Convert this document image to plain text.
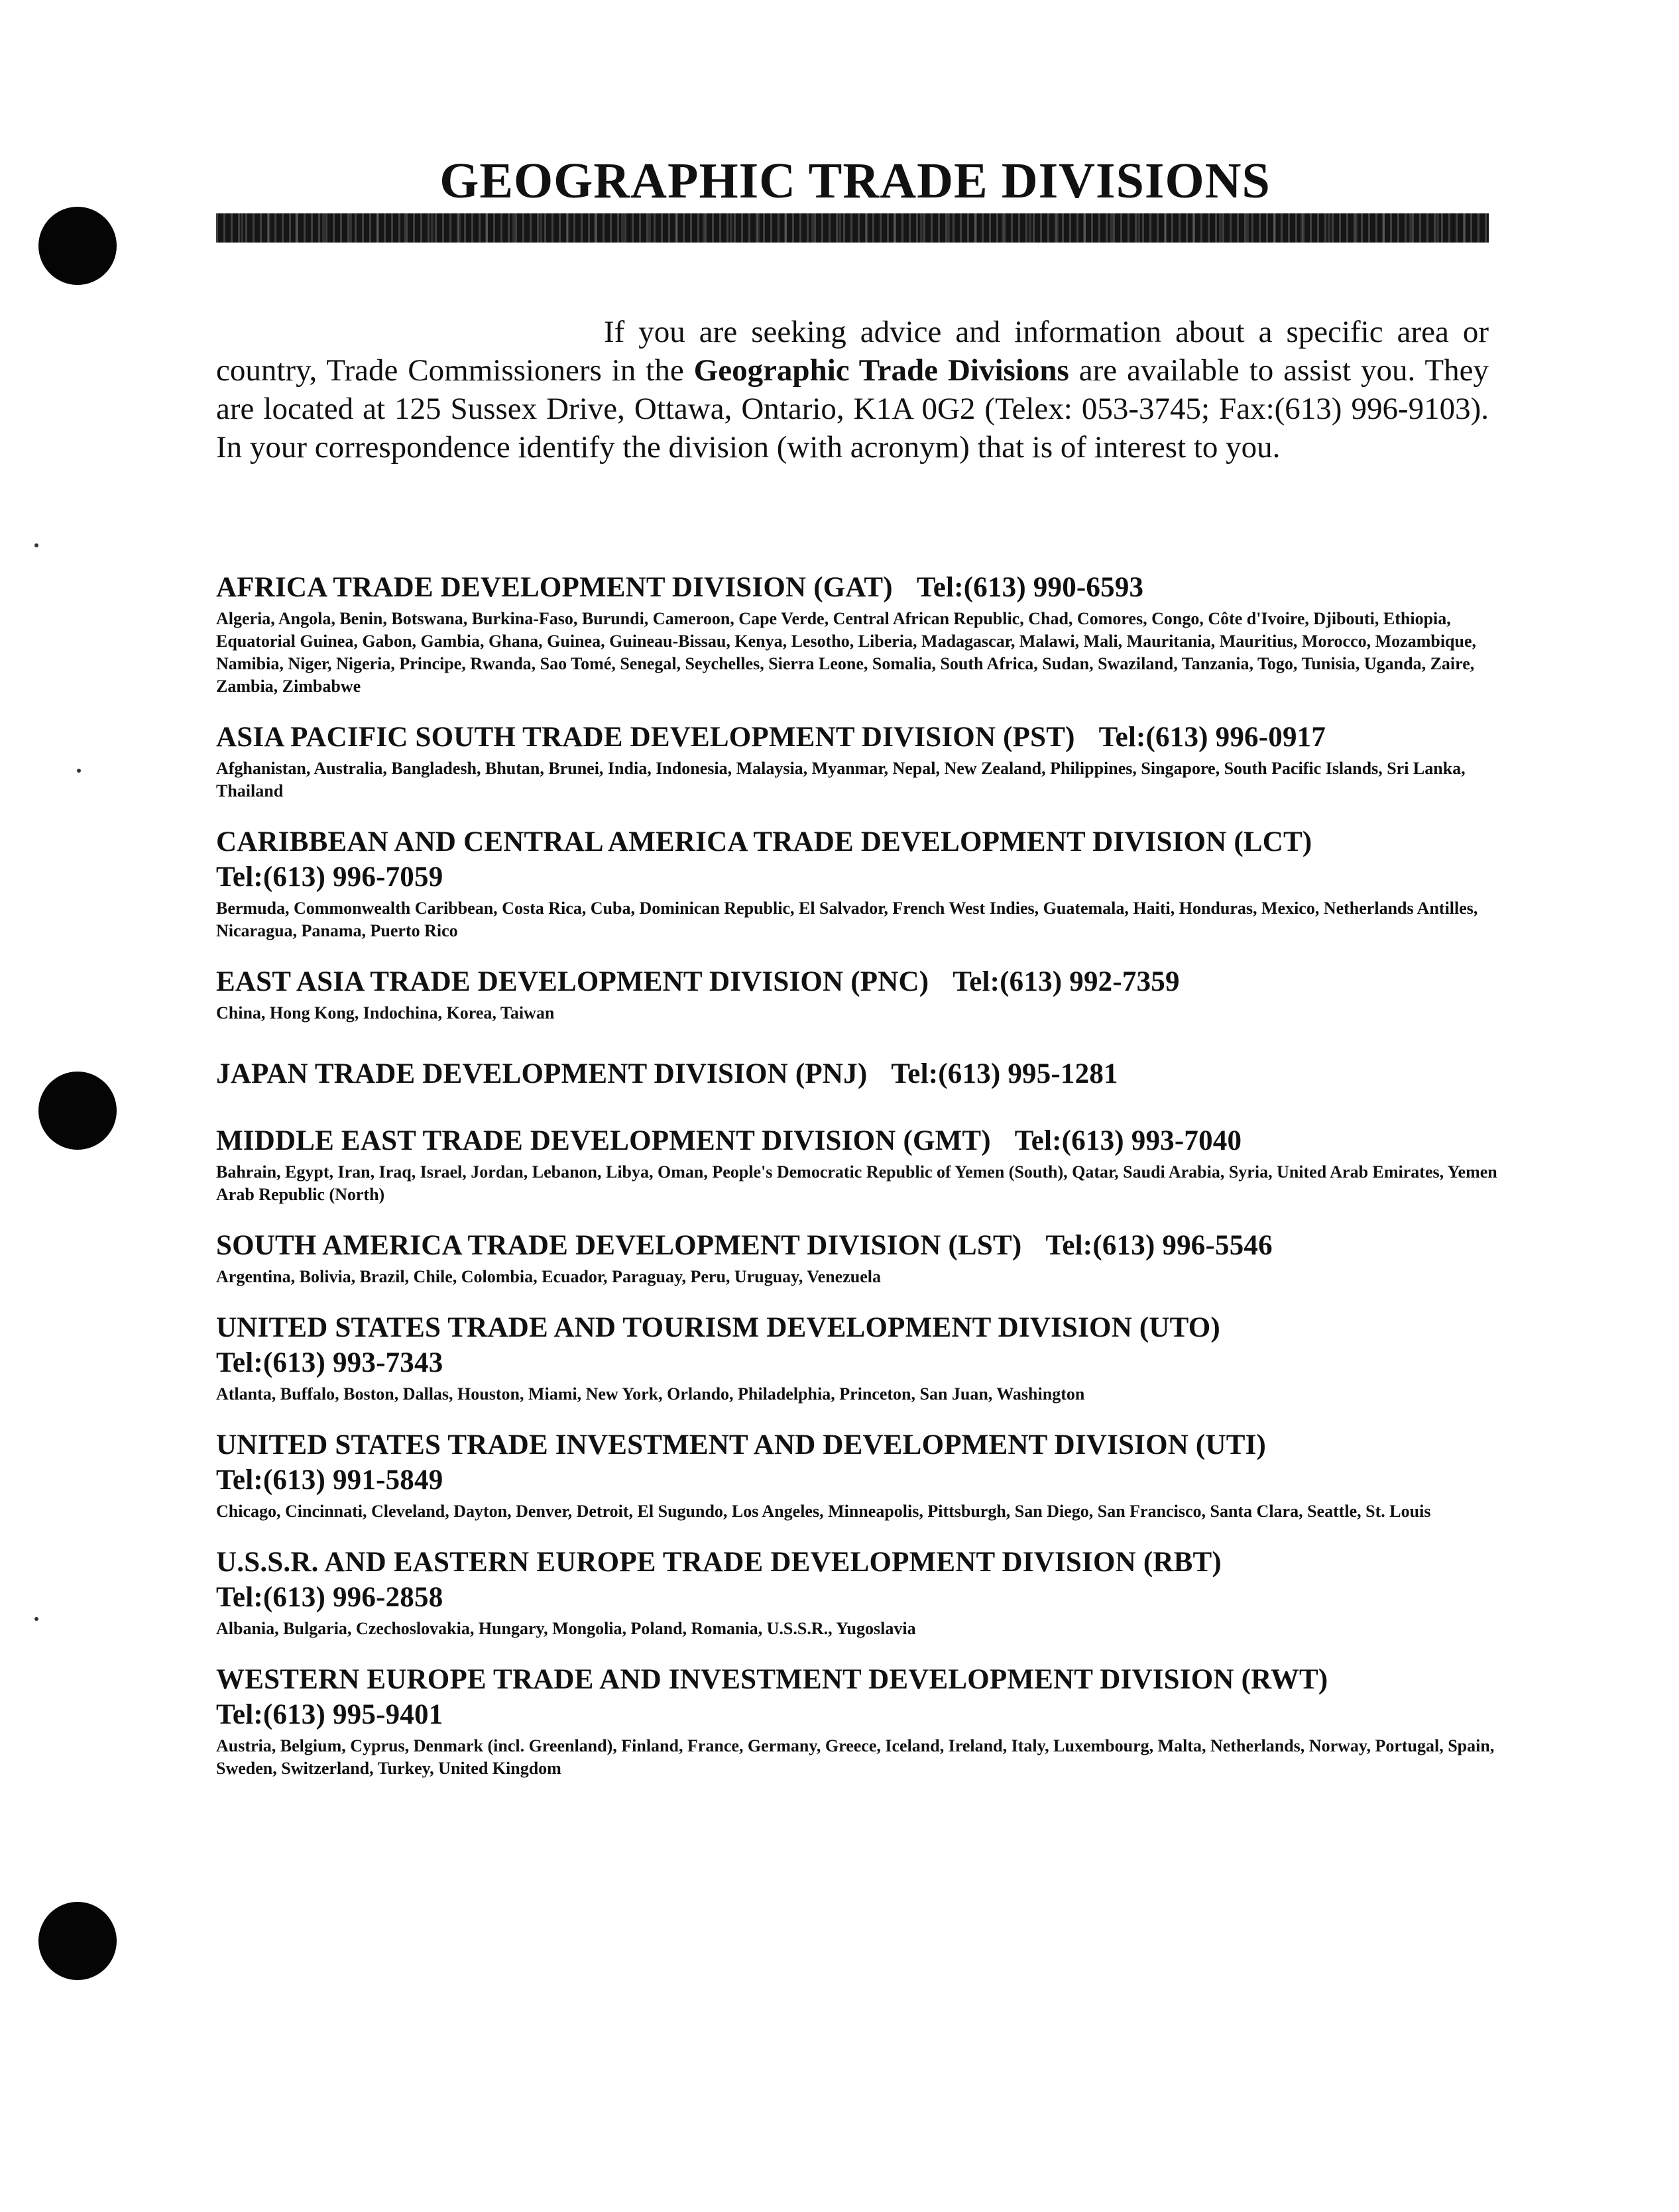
GEOGRAPHIC TRADE DIVISIONS

If you are seeking advice and information about a specific area or country, Trade Commissioners in the Geographic Trade Divisions are available to assist you. They are located at 125 Sussex Drive, Ottawa, Ontario, K1A 0G2 (Telex: 053-3745; Fax:(613) 996-9103). In your correspondence identify the division (with acronym) that is of interest to you.

AFRICA TRADE DEVELOPMENT DIVISION (GAT) Tel:(613) 990-6593
Algeria, Angola, Benin, Botswana, Burkina-Faso, Burundi, Cameroon, Cape Verde, Central African Republic, Chad, Comores, Congo, Côte d'Ivoire, Djibouti, Ethiopia, Equatorial Guinea, Gabon, Gambia, Ghana, Guinea, Guineau-Bissau, Kenya, Lesotho, Liberia, Madagascar, Malawi, Mali, Mauritania, Mauritius, Morocco, Mozambique, Namibia, Niger, Nigeria, Principe, Rwanda, Sao Tomé, Senegal, Seychelles, Sierra Leone, Somalia, South Africa, Sudan, Swaziland, Tanzania, Togo, Tunisia, Uganda, Zaire, Zambia, Zimbabwe
ASIA PACIFIC SOUTH TRADE DEVELOPMENT DIVISION (PST) Tel:(613) 996-0917
Afghanistan, Australia, Bangladesh, Bhutan, Brunei, India, Indonesia, Malaysia, Myanmar, Nepal, New Zealand, Philippines, Singapore, South Pacific Islands, Sri Lanka, Thailand
CARIBBEAN AND CENTRAL AMERICA TRADE DEVELOPMENT DIVISION (LCT)
Tel:(613) 996-7059
Bermuda, Commonwealth Caribbean, Costa Rica, Cuba, Dominican Republic, El Salvador, French West Indies, Guatemala, Haiti, Honduras, Mexico, Netherlands Antilles, Nicaragua, Panama, Puerto Rico
EAST ASIA TRADE DEVELOPMENT DIVISION (PNC) Tel:(613) 992-7359
China, Hong Kong, Indochina, Korea, Taiwan
JAPAN TRADE DEVELOPMENT DIVISION (PNJ) Tel:(613) 995-1281
MIDDLE EAST TRADE DEVELOPMENT DIVISION (GMT) Tel:(613) 993-7040
Bahrain, Egypt, Iran, Iraq, Israel, Jordan, Lebanon, Libya, Oman, People's Democratic Republic of Yemen (South), Qatar, Saudi Arabia, Syria, United Arab Emirates, Yemen Arab Republic (North)
SOUTH AMERICA TRADE DEVELOPMENT DIVISION (LST) Tel:(613) 996-5546
Argentina, Bolivia, Brazil, Chile, Colombia, Ecuador, Paraguay, Peru, Uruguay, Venezuela
UNITED STATES TRADE AND TOURISM DEVELOPMENT DIVISION (UTO)
Tel:(613) 993-7343
Atlanta, Buffalo, Boston, Dallas, Houston, Miami, New York, Orlando, Philadelphia, Princeton, San Juan, Washington
UNITED STATES TRADE INVESTMENT AND DEVELOPMENT DIVISION (UTI)
Tel:(613) 991-5849
Chicago, Cincinnati, Cleveland, Dayton, Denver, Detroit, El Sugundo, Los Angeles, Minneapolis, Pittsburgh, San Diego, San Francisco, Santa Clara, Seattle, St. Louis
U.S.S.R. AND EASTERN EUROPE TRADE DEVELOPMENT DIVISION (RBT)
Tel:(613) 996-2858
Albania, Bulgaria, Czechoslovakia, Hungary, Mongolia, Poland, Romania, U.S.S.R., Yugoslavia
WESTERN EUROPE TRADE AND INVESTMENT DEVELOPMENT DIVISION (RWT)
Tel:(613) 995-9401
Austria, Belgium, Cyprus, Denmark (incl. Greenland), Finland, France, Germany, Greece, Iceland, Ireland, Italy, Luxembourg, Malta, Netherlands, Norway, Portugal, Spain, Sweden, Switzerland, Turkey, United Kingdom
